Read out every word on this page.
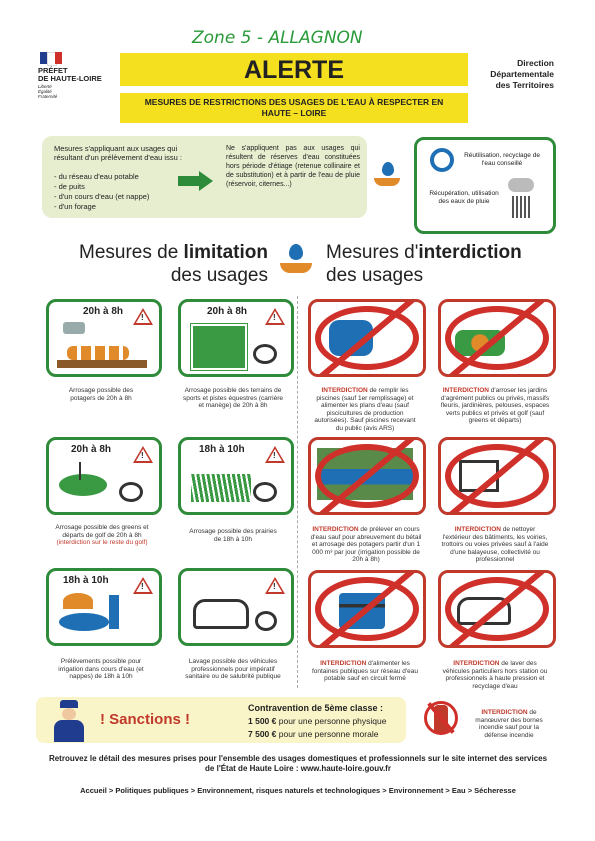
Zone 5 - ALLAGNON
PRÉFET
DE HAUTE-LOIRE
Liberté
Égalité
Fraternité
ALERTE
MESURES DE RESTRICTIONS DES USAGES DE L'EAU À RESPECTER EN HAUTE – LOIRE
Direction
Départementale
des Territoires
Mesures s'appliquant aux usages qui résultant d'un prélèvement d'eau issu :
- du réseau d'eau potable
- de puits
- d'un cours d'eau (et nappe)
- d'un forage
Ne s'appliquent pas aux usages qui résultent de réserves d'eau constituées hors période d'étiage (retenue collinaire et de substitution) et à partir de l'eau de pluie (réservoir, citernes...)
Réutilisation, recyclage de l'eau conseillé
Récupération, utilisation des eaux de pluie
Mesures de limitation
des usages
Mesures d'interdiction
des usages
20h à 8h
!
Arrosage possible des potagers de 20h à 8h
20h à 8h
!
Arrosage possible des terrains de sports et pistes équestres (carrière et manège) de 20h à 8h
20h à 8h
!
Arrosage possible des greens et départs de golf de 20h à 8h (interdiction sur le reste du golf)
18h à 10h
!
Arrosage possible des prairies de 18h à 10h
18h à 10h
!
Prélèvements possible pour irrigation dans cours d'eau (et nappes) de 18h à 10h
!
Lavage possible des véhicules professionnels pour impératif sanitaire ou de salubrité publique
INTERDICTION de remplir les piscines (sauf 1er remplissage) et alimenter les plans d'eau (sauf piscicultures de production autorisées). Sauf piscines recevant du public (avis ARS)
INTERDICTION d'arroser les jardins d'agrément publics ou privés, massifs fleuris, jardinières, pelouses, espaces verts publics et privés et golf (sauf greens et départs)
INTERDICTION de prélever en cours d'eau sauf pour abreuvement du bétail et arrosage des potagers partir d'un 1 000 m³ par jour (irrigation possible de 20h à 8h)
INTERDICTION de nettoyer l'extérieur des bâtiments, les voiries, trottoirs ou voies privées sauf à l'aide d'une balayeuse, collectivité ou professionnel
INTERDICTION d'alimenter les fontaines publiques sur réseau d'eau potable sauf en circuit fermé
INTERDICTION de laver des véhicules particuliers hors station ou professionnels à haute pression et recyclage d'eau
! Sanctions !
Contravention de 5ème classe :
1 500 € pour une personne physique
7 500 € pour une personne morale
INTERDICTION de manœuvrer des bornes incendie sauf pour la défense incendie
Retrouvez le détail des mesures prises pour l'ensemble des usages domestiques et professionnels sur le site internet des services de l'État de Haute Loire : www.haute-loire.gouv.fr
Accueil > Politiques publiques > Environnement, risques naturels et technologiques > Environnement > Eau > Sécheresse
